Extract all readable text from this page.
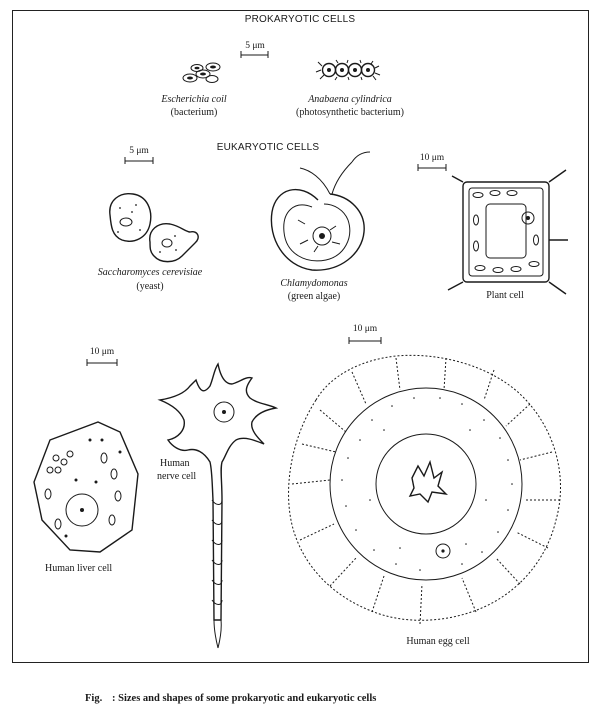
PROKARYOTIC CELLS
5 μm
Escherichia coil
(bacterium)
Anabaena cylindrica
(photosynthetic bacterium)
5 μm	EUKARYOTIC CELLS
10 μm
Saccharomyces cerevisiae
(yeast)	Chlamydomonas
(green algae)	Plant cell
10 μm
10 μm
Human
nerve cell
Human liver cell
Human egg cell
Fig. : Sizes and shapes of some prokaryotic and eukaryotic cells
